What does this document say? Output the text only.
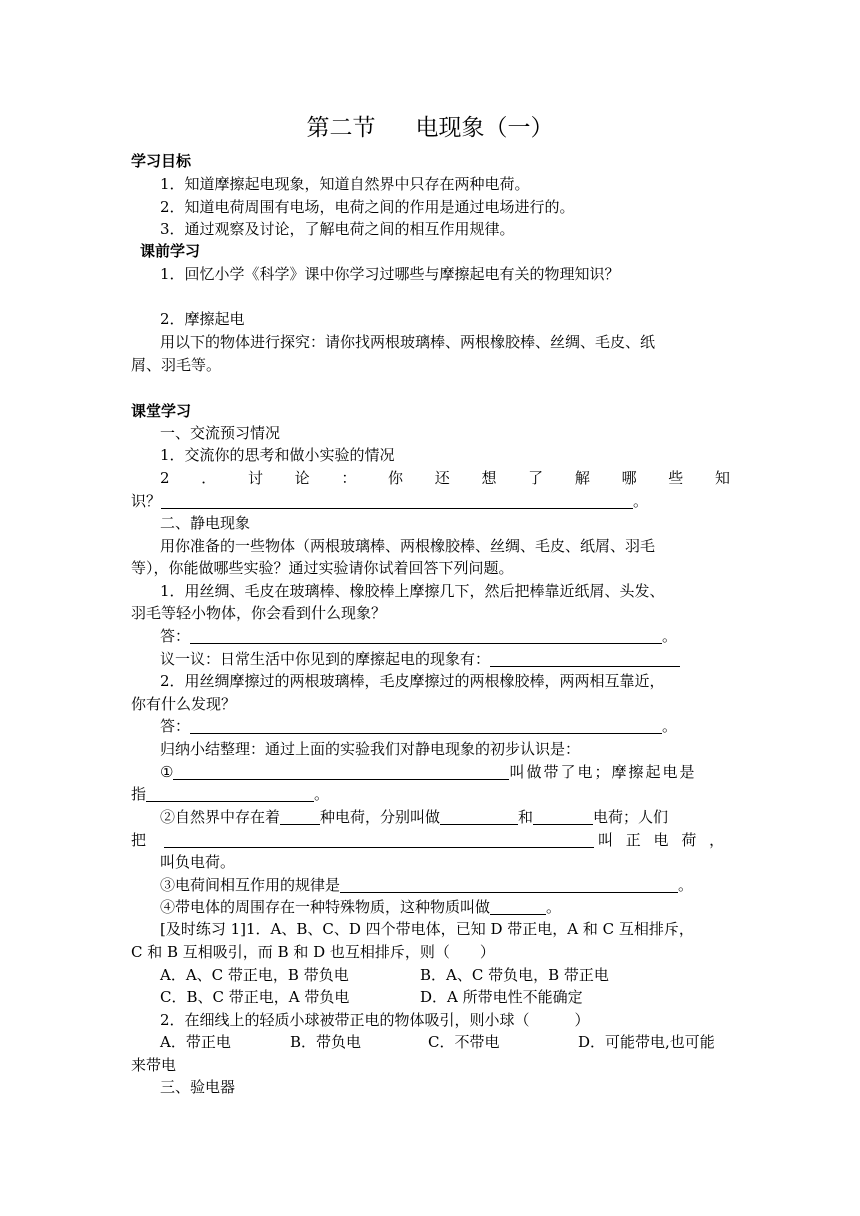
第二节 电现象（一）
学习目标
1．知道摩擦起电现象，知道自然界中只存在两种电荷。
2．知道电荷周围有电场，电荷之间的作用是通过电场进行的。
3．通过观察及讨论，了解电荷之间的相互作用规律。
课前学习
1．回忆小学《科学》课中你学习过哪些与摩擦起电有关的物理知识？
2．摩擦起电
用以下的物体进行探究：请你找两根玻璃棒、两根橡胶棒、丝绸、毛皮、纸
屑、羽毛等。
课堂学习
一、交流预习情况
1．交流你的思考和做小实验的情况
2 ． 讨 论 ： 你 还 想 了 解 哪 些 知
识？	。
二、静电现象
用你准备的一些物体（两根玻璃棒、两根橡胶棒、丝绸、毛皮、纸屑、羽毛
等），你能做哪些实验？通过实验请你试着回答下列问题。
1．用丝绸、毛皮在玻璃棒、橡胶棒上摩擦几下，然后把棒靠近纸屑、头发、
羽毛等轻小物体，你会看到什么现象？
答：	。
议一议：日常生活中你见到的摩擦起电的现象有：
2．用丝绸摩擦过的两根玻璃棒，毛皮摩擦过的两根橡胶棒，两两相互靠近，
你有什么发现？
答：	。
归纳小结整理：通过上面的实验我们对静电现象的初步认识是：
①	叫做带了电；摩擦起电是
指	。
②自然界中存在着	种电荷，分别叫做	和	电荷；人们
把	叫 正 电 荷 ，
叫负电荷。
③电荷间相互作用的规律是	。
④带电体的周围存在一种特殊物质，这种物质叫做	。
[及时练习 1]1．A、B、C、D 四个带电体，已知 D 带正电，A 和 C 互相排斥，
C 和 B 互相吸引，而 B 和 D 也互相排斥，则（　　）
A．A、C 带正电，B 带负电	B．A、C 带负电，B 带正电
C．B、C 带正电，A 带负电	D．A 所带电性不能确定
2．在细线上的轻质小球被带正电的物体吸引，则小球（　　　）
A．带正电	B．带负电	C．不带电	D．可能带电,也可能
来带电
三、验电器
